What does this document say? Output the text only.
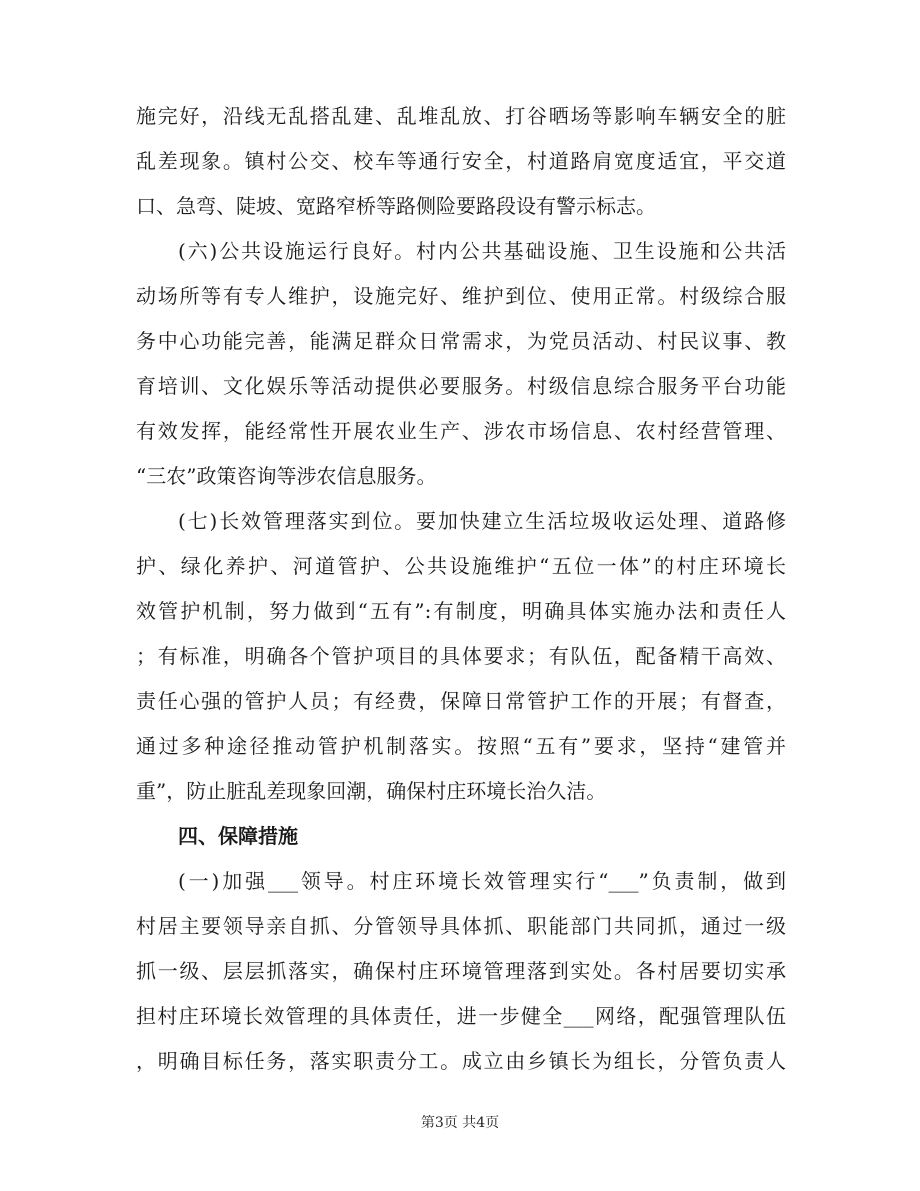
施完好，沿线无乱搭乱建、乱堆乱放、打谷晒场等影响车辆安全的脏
乱差现象。镇村公交、校车等通行安全，村道路肩宽度适宜，平交道
口、急弯、陡坡、宽路窄桥等路侧险要路段设有警示标志。
(六)公共设施运行良好。村内公共基础设施、卫生设施和公共活
动场所等有专人维护，设施完好、维护到位、使用正常。村级综合服
务中心功能完善，能满足群众日常需求，为党员活动、村民议事、教
育培训、文化娱乐等活动提供必要服务。村级信息综合服务平台功能
有效发挥，能经常性开展农业生产、涉农市场信息、农村经营管理、
“三农”政策咨询等涉农信息服务。
(七)长效管理落实到位。要加快建立生活垃圾收运处理、道路修
护、绿化养护、河道管护、公共设施维护“五位一体”的村庄环境长
效管护机制，努力做到“五有”:有制度，明确具体实施办法和责任人
；有标准，明确各个管护项目的具体要求；有队伍，配备精干高效、
责任心强的管护人员；有经费，保障日常管护工作的开展；有督查，
通过多种途径推动管护机制落实。按照“五有”要求，坚持“建管并
重”，防止脏乱差现象回潮，确保村庄环境长治久洁。
四、保障措施
(一)加强___领导。村庄环境长效管理实行“___”负责制，做到
村居主要领导亲自抓、分管领导具体抓、职能部门共同抓，通过一级
抓一级、层层抓落实，确保村庄环境管理落到实处。各村居要切实承
担村庄环境长效管理的具体责任，进一步健全___网络，配强管理队伍
，明确目标任务，落实职责分工。成立由乡镇长为组长，分管负责人
第3页 共4页
